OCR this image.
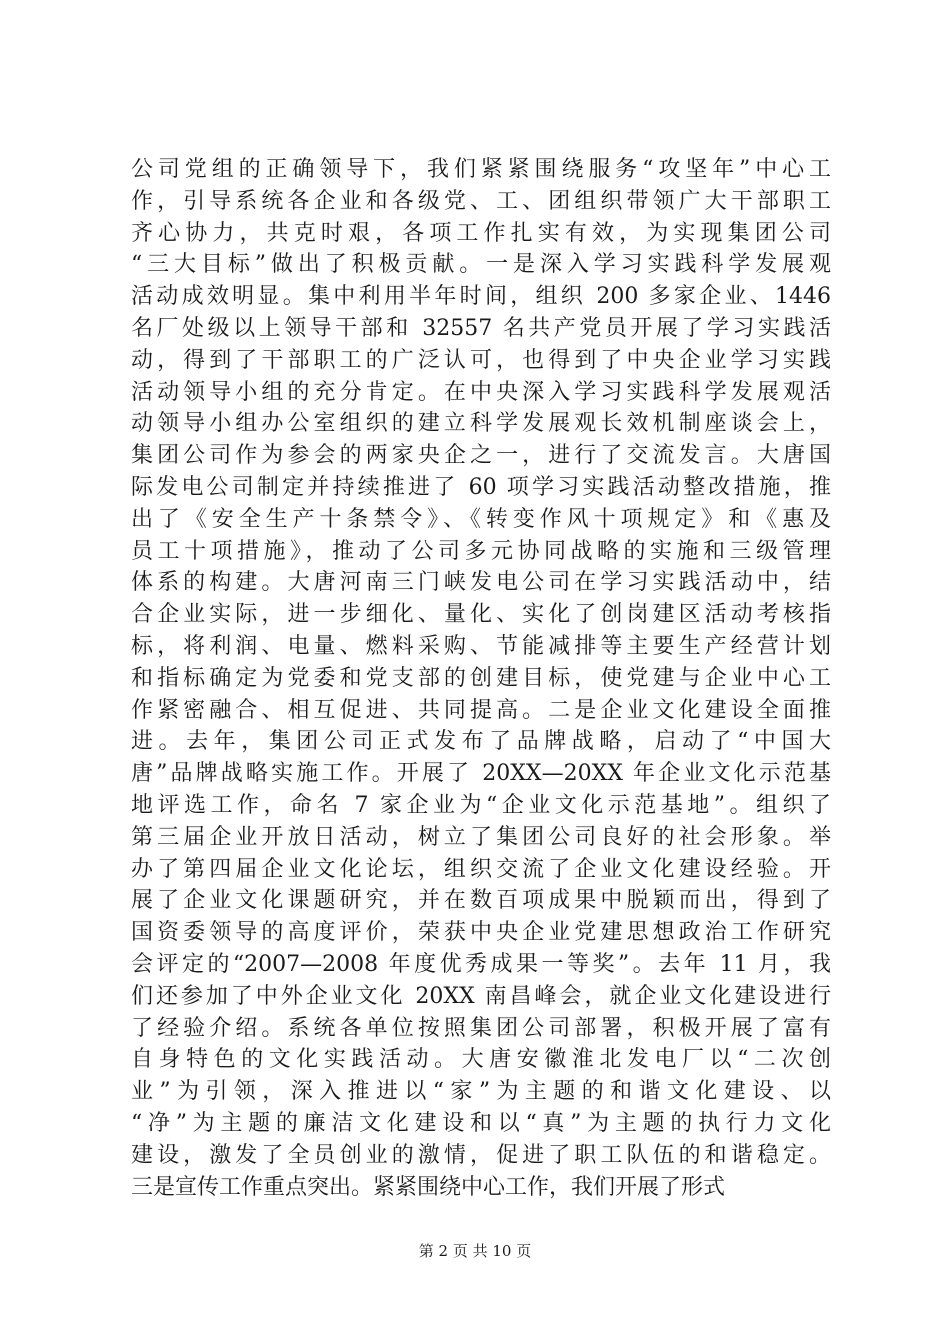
公司党组的正确领导下，我们紧紧围绕服务“攻坚年”中心工
作，引导系统各企业和各级党、工、团组织带领广大干部职工
齐心协力，共克时艰，各项工作扎实有效，为实现集团公司
“三大目标”做出了积极贡献。一是深入学习实践科学发展观
活动成效明显。集中利用半年时间，组织 200 多家企业、1446
名厂处级以上领导干部和 32557 名共产党员开展了学习实践活
动，得到了干部职工的广泛认可，也得到了中央企业学习实践
活动领导小组的充分肯定。在中央深入学习实践科学发展观活
动领导小组办公室组织的建立科学发展观长效机制座谈会上，
集团公司作为参会的两家央企之一，进行了交流发言。大唐国
际发电公司制定并持续推进了 60 项学习实践活动整改措施，推
出了《安全生产十条禁令》、《转变作风十项规定》和《惠及
员工十项措施》，推动了公司多元协同战略的实施和三级管理
体系的构建。大唐河南三门峡发电公司在学习实践活动中，结
合企业实际，进一步细化、量化、实化了创岗建区活动考核指
标，将利润、电量、燃料采购、节能减排等主要生产经营计划
和指标确定为党委和党支部的创建目标，使党建与企业中心工
作紧密融合、相互促进、共同提高。二是企业文化建设全面推
进。去年，集团公司正式发布了品牌战略，启动了“中国大
唐”品牌战略实施工作。开展了 20XX—20XX 年企业文化示范基
地评选工作，命名 7 家企业为“企业文化示范基地”。组织了
第三届企业开放日活动，树立了集团公司良好的社会形象。举
办了第四届企业文化论坛，组织交流了企业文化建设经验。开
展了企业文化课题研究，并在数百项成果中脱颖而出，得到了
国资委领导的高度评价，荣获中央企业党建思想政治工作研究
会评定的“2007—2008 年度优秀成果一等奖”。去年 11 月，我
们还参加了中外企业文化 20XX 南昌峰会，就企业文化建设进行
了经验介绍。系统各单位按照集团公司部署，积极开展了富有
自身特色的文化实践活动。大唐安徽淮北发电厂以“二次创
业”为引领，深入推进以“家”为主题的和谐文化建设、以
“净”为主题的廉洁文化建设和以“真”为主题的执行力文化
建设，激发了全员创业的激情，促进了职工队伍的和谐稳定。
三是宣传工作重点突出。紧紧围绕中心工作，我们开展了形式
第 2 页 共 10 页
